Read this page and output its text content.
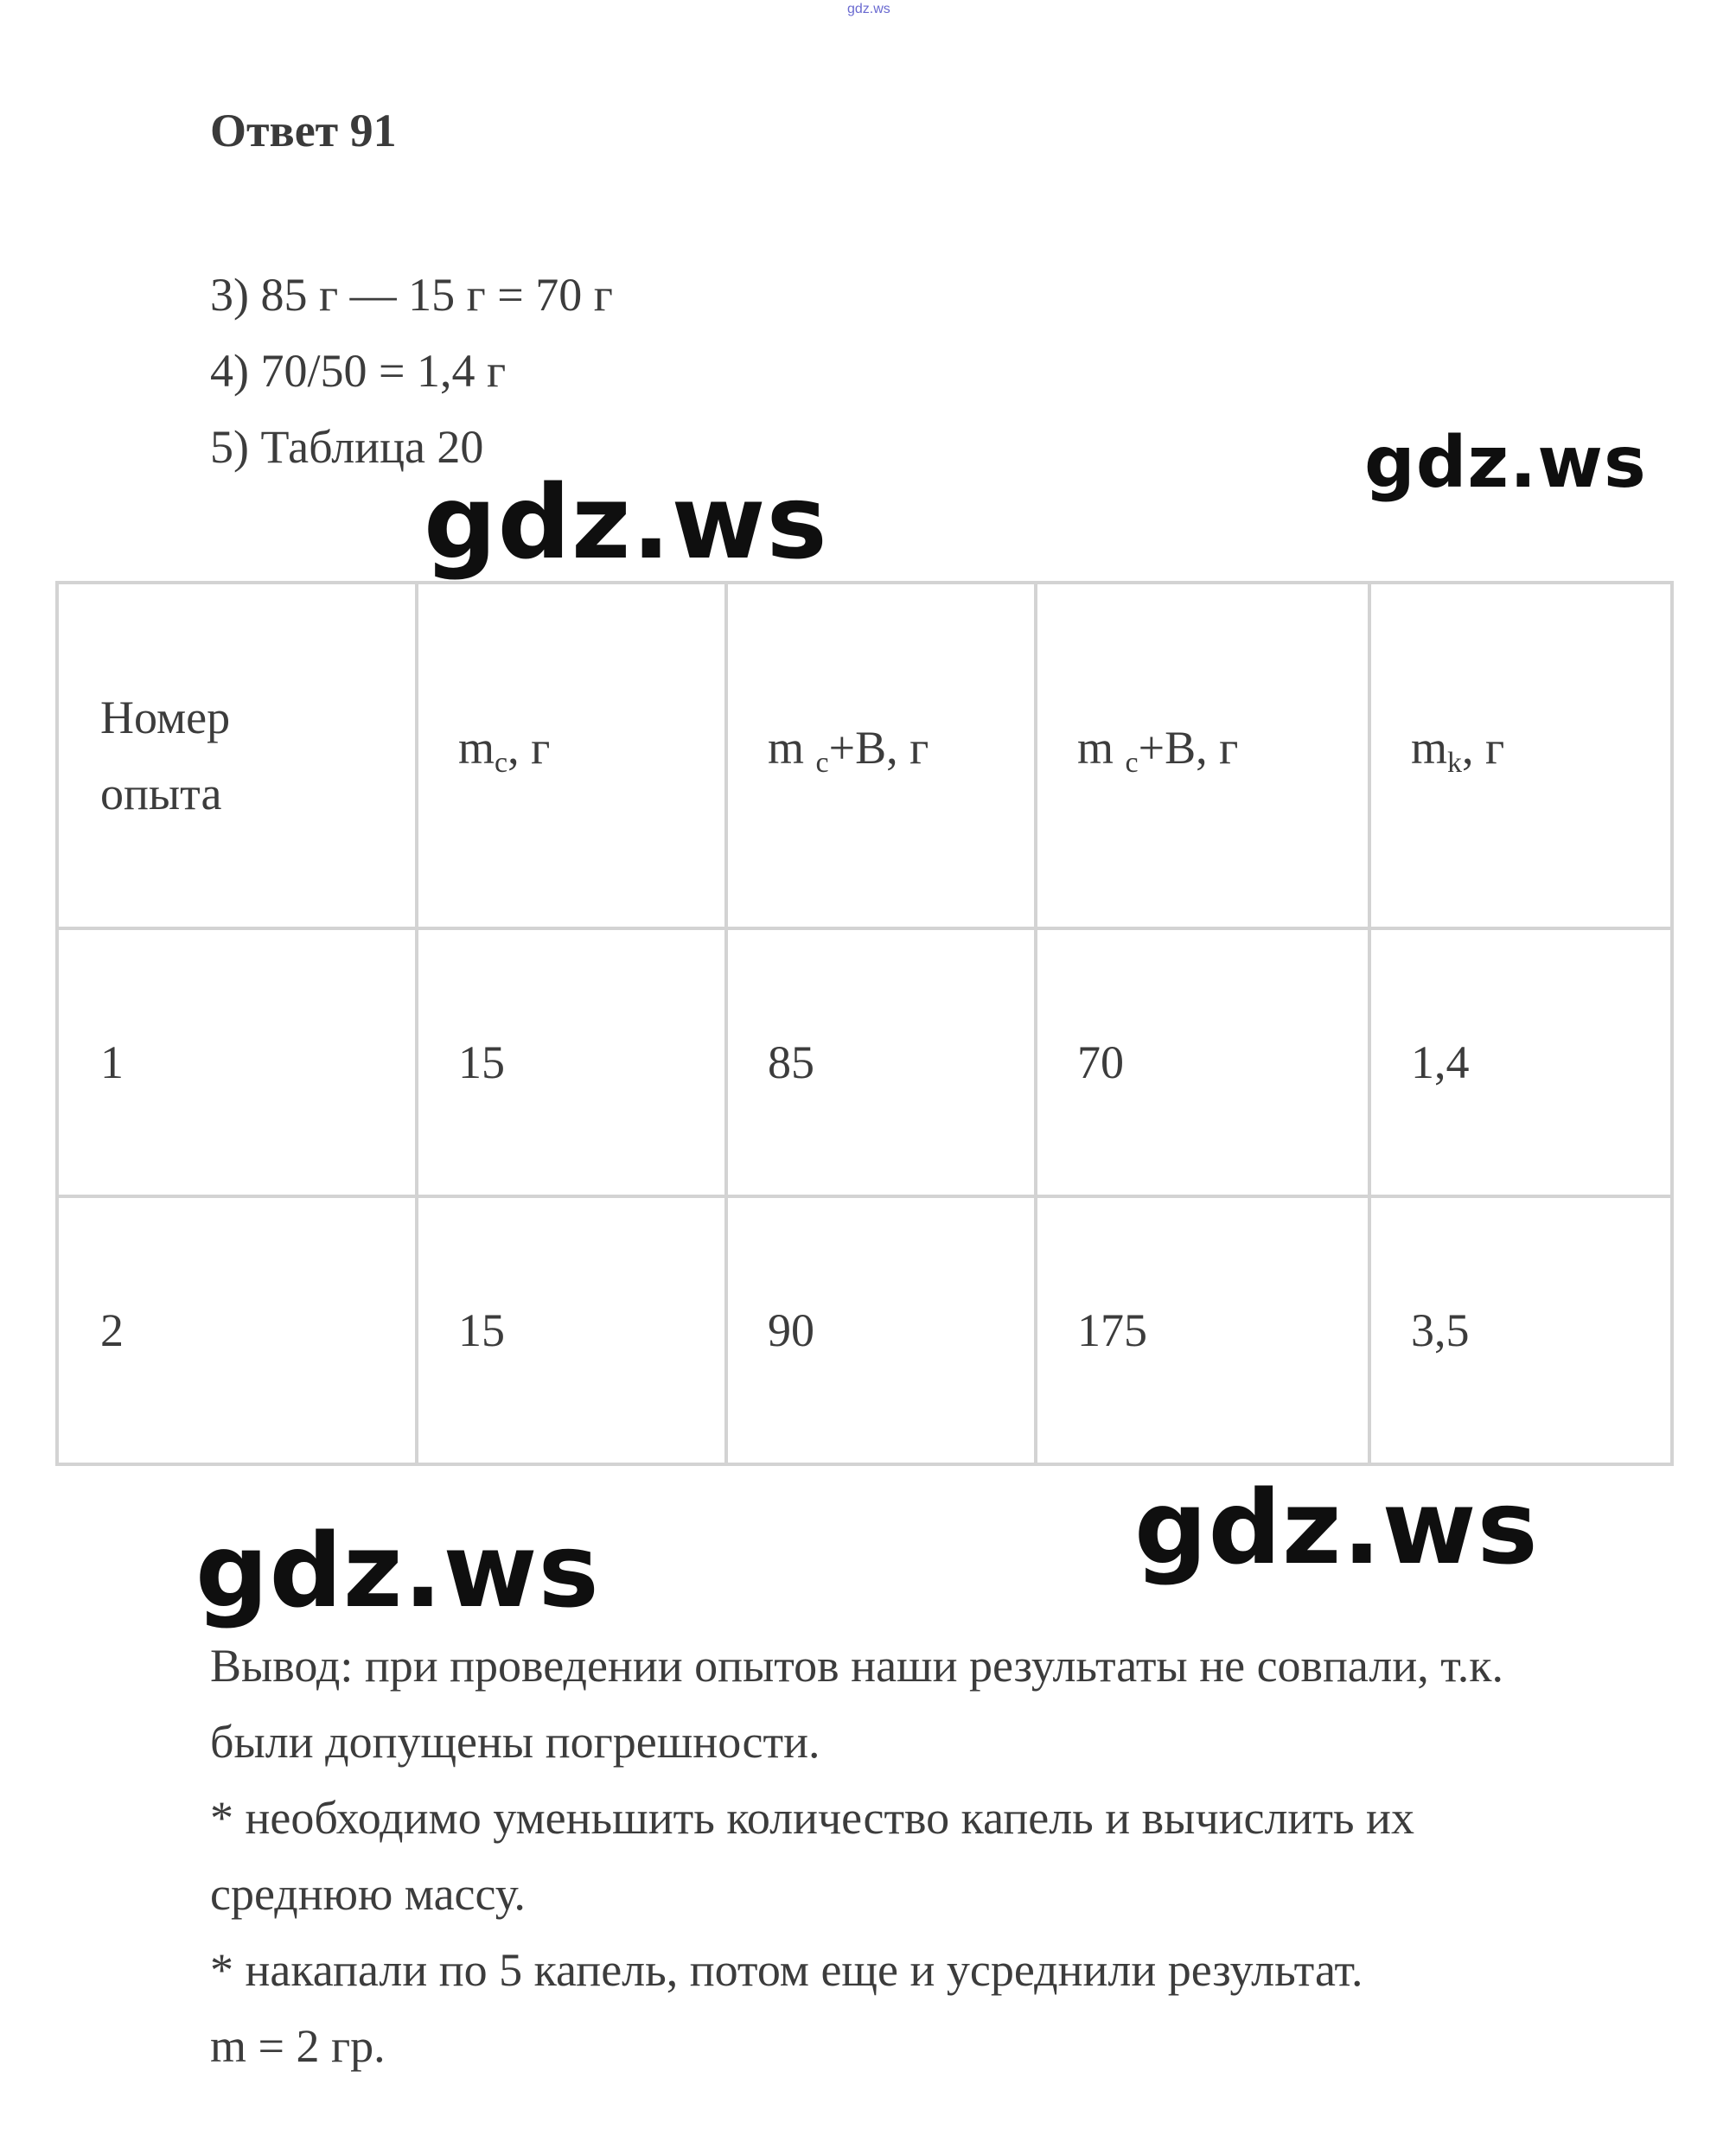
gdz.ws
Ответ 91
3) 85 г — 15 г = 70 г
4) 70/50 = 1,4 г
5) Таблица 20	gdz.ws
gdz.ws
Номер
опыта	$m_c$, г	m $_c$+B, г	m $_c$+B, г	$m_k$, г
1	15	85	70	1,4
2	15	90	175	3,5
gdz.ws
gdz.ws

Вывод: при проведении опытов наши результаты не совпали, т.к.

были допущены погрешности.

* необходимо уменьшить количество капель и вычислить их

среднюю массу.

* накапали по 5 капель, потом еще и усреднили результат.

m = 2 гр.
